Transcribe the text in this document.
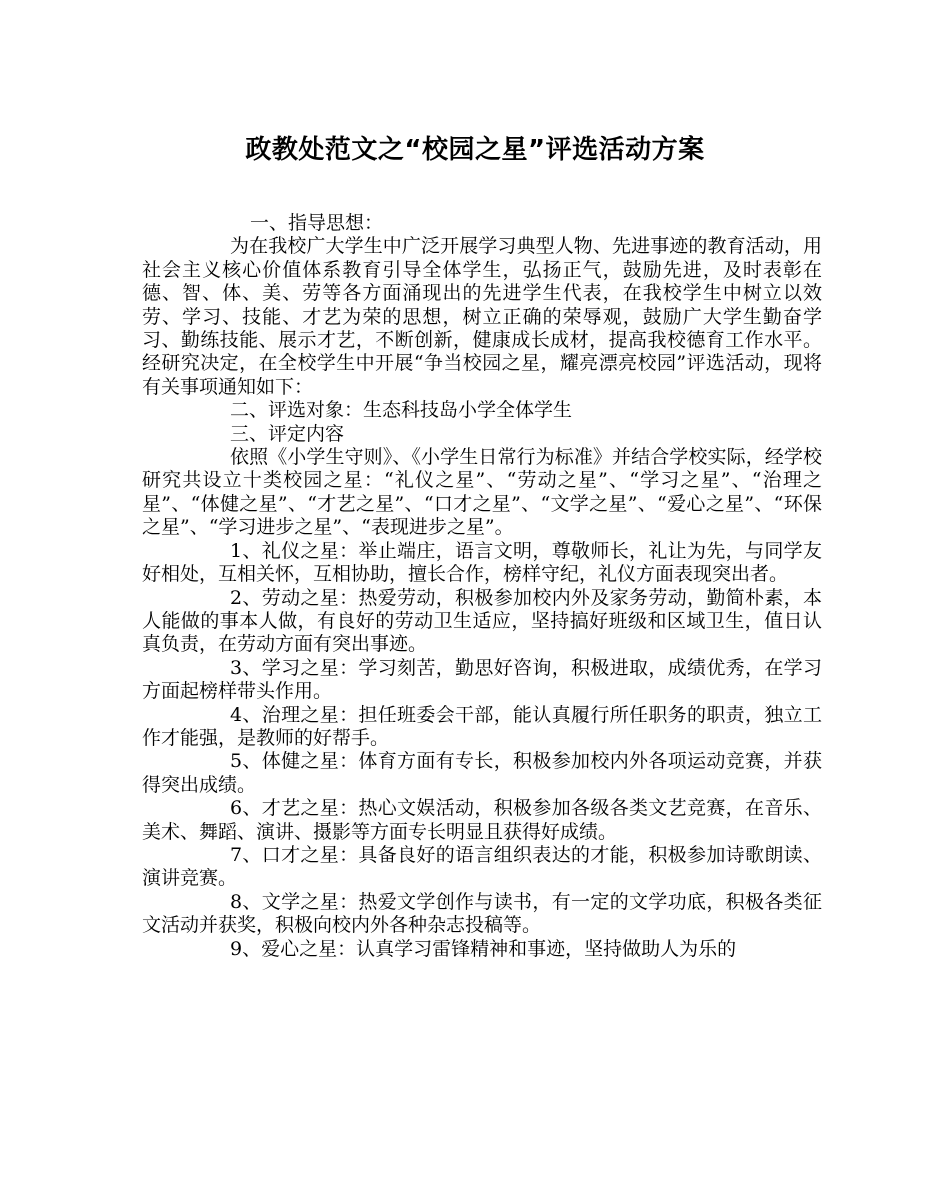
政教处范文之“校园之星”评选活动方案

一、指导思想：

为在我校广大学生中广泛开展学习典型人物、先进事迹的教育活动，用社会主义核心价值体系教育引导全体学生，弘扬正气，鼓励先进，及时表彰在德、智、体、美、劳等各方面涌现出的先进学生代表，在我校学生中树立以效劳、学习、技能、才艺为荣的思想，树立正确的荣辱观，鼓励广大学生勤奋学习、勤练技能、展示才艺，不断创新，健康成长成材，提高我校德育工作水平。经研究决定，在全校学生中开展“争当校园之星，耀亮漂亮校园”评选活动，现将有关事项通知如下：

二、评选对象：生态科技岛小学全体学生

三、评定内容

依照《小学生守则》、《小学生日常行为标准》并结合学校实际，经学校研究共设立十类校园之星：“礼仪之星”、“劳动之星”、“学习之星”、“治理之星”、“体健之星”、“才艺之星”、“口才之星”、“文学之星”、“爱心之星”、“环保之星”、“学习进步之星”、“表现进步之星”。

1、礼仪之星：举止端庄，语言文明，尊敬师长，礼让为先，与同学友好相处，互相关怀，互相协助，擅长合作，榜样守纪，礼仪方面表现突出者。

2、劳动之星：热爱劳动，积极参加校内外及家务劳动，勤简朴素，本人能做的事本人做，有良好的劳动卫生适应，坚持搞好班级和区域卫生，值日认真负责，在劳动方面有突出事迹。

3、学习之星：学习刻苦，勤思好咨询，积极进取，成绩优秀，在学习方面起榜样带头作用。

4、治理之星：担任班委会干部，能认真履行所任职务的职责，独立工作才能强，是教师的好帮手。

5、体健之星：体育方面有专长，积极参加校内外各项运动竞赛，并获得突出成绩。

6、才艺之星：热心文娱活动，积极参加各级各类文艺竞赛，在音乐、美术、舞蹈、演讲、摄影等方面专长明显且获得好成绩。

7、口才之星：具备良好的语言组织表达的才能，积极参加诗歌朗读、演讲竞赛。

8、文学之星：热爱文学创作与读书，有一定的文学功底，积极各类征文活动并获奖，积极向校内外各种杂志投稿等。

9、爱心之星：认真学习雷锋精神和事迹，坚持做助人为乐的
